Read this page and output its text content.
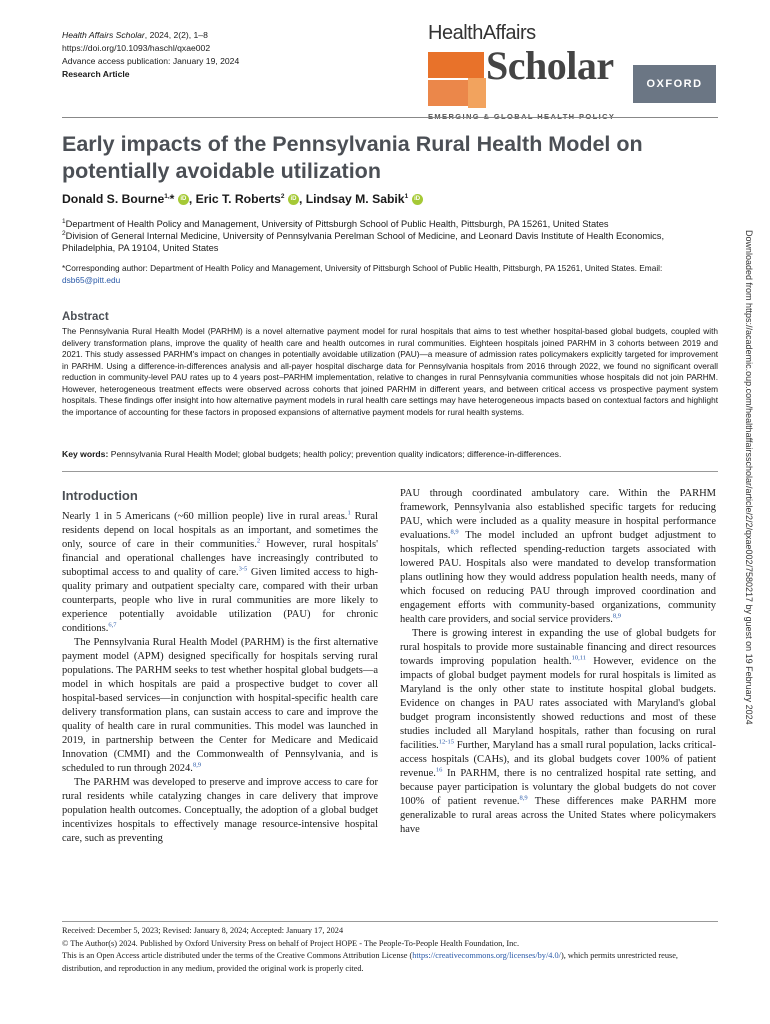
Health Affairs Scholar, 2024, 2(2), 1–8
https://doi.org/10.1093/haschl/qxae002
Advance access publication: January 19, 2024
Research Article
HealthAffairs
Scholar	OXFORD
Early impacts of the Pennsylvania Rural Health Model on potentially avoidable utilization
Donald S. Bourne$^{1,}$* iD , Eric T. Roberts$^2$ iD , Lindsay M. Sabik$^1$ iD
$^1$Department of Health Policy and Management, University of Pittsburgh School of Public Health, Pittsburgh, PA 15261, United States
$^2$Division of General Internal Medicine, University of Pennsylvania Perelman School of Medicine, and Leonard Davis Institute of Health Economics, Philadelphia, PA 19104, United States
*Corresponding author: Department of Health Policy and Management, University of Pittsburgh School of Public Health, Pittsburgh, PA 15261, United States. Email: dsb65@pitt.edu
Abstract

The Pennsylvania Rural Health Model (PARHM) is a novel alternative payment model for rural hospitals that aims to test whether hospital-based global budgets, coupled with delivery transformation plans, improve the quality of health care and health outcomes in rural communities. Eighteen hospitals joined PARHM in 3 cohorts between 2019 and 2021. This study assessed PARHM's impact on changes in potentially avoidable utilization (PAU)—a measure of admission rates policymakers explicitly targeted for improvement in PARHM. Using a difference-in-differences analysis and all-payer hospital discharge data for Pennsylvania hospitals from 2016 through 2022, we found no significant overall reduction in community-level PAU rates up to 4 years post–PARHM implementation, relative to changes in rural Pennsylvania communities whose hospitals did not join PARHM. However, heterogeneous treatment effects were observed across cohorts that joined PARHM in different years, and between critical access vs prospective payment system hospitals. These findings offer insight into how alternative payment models in rural health care settings may have heterogeneous impacts based on contextual factors and highlight the importance of accounting for these factors in proposed expansions of alternative payment models for rural health systems.

Key words: Pennsylvania Rural Health Model; global budgets; health policy; prevention quality indicators; difference-in-differences.
Introduction

Nearly 1 in 5 Americans (~60 million people) live in rural areas.$^1$ Rural residents depend on local hospitals as an important, and sometimes the only, source of care in their communities.$^2$ However, rural hospitals' financial and operational challenges have increasingly contributed to suboptimal access to and quality of care.$^{3-5}$ Given limited access to high-quality primary and outpatient specialty care, compared with their urban counterparts, people who live in rural communities are more likely to experience potentially avoidable utilization (PAU) for chronic conditions.$^{6,7}$

The Pennsylvania Rural Health Model (PARHM) is the first alternative payment model (APM) designed specifically for hospitals serving rural populations. The PARHM seeks to test whether hospital global budgets—a model in which hospitals are paid a prospective budget to cover all hospital-based services—in conjunction with hospital-specific health care delivery transformation plans, can sustain access to care and improve the quality of health care in rural communities. This model was launched in 2019, in partnership between the Center for Medicare and Medicaid Innovation (CMMI) and the Commonwealth of Pennsylvania, and is scheduled to run through 2024.$^{8,9}$

The PARHM was developed to preserve and improve access to care for rural residents while catalyzing changes in care delivery that improve population health outcomes. Conceptually, the adoption of a global budget incentivizes hospitals to effectively manage resource-intensive hospital care, such as preventing

PAU through coordinated ambulatory care. Within the PARHM framework, Pennsylvania also established specific targets for reducing PAU, which were included as a quality measure in hospital performance evaluations.$^{8,9}$ The model included an upfront budget adjustment to hospitals, which reflected spending-reduction targets associated with lowered PAU. Hospitals also were mandated to develop transformation plans outlining how they would address population health needs, many of which focused on reducing PAU through improved coordination and engagement efforts with community-based organizations, community health care providers, and social service providers.$^{8,9}$

There is growing interest in expanding the use of global budgets for rural hospitals to provide more sustainable financing and direct resources towards improving population health.$^{10,11}$ However, evidence on the impacts of global budget payment models for rural hospitals is limited as Maryland is the only other state to institute hospital global budgets. Evidence on changes in PAU rates associated with Maryland's global budget program inconsistently showed reductions and most of these studies included all Maryland hospitals, rather than focusing on rural facilities.$^{12-15}$ Further, Maryland has a small rural population, lacks critical-access hospitals (CAHs), and its global budgets cover 100% of patient revenue.$^{16}$ In PARHM, there is no centralized hospital rate setting, and because payer participation is voluntary the global budgets do not cover 100% of patient revenue.$^{8,9}$ These differences make PARHM more generalizable to rural areas across the United States where policymakers have

Received: December 5, 2023; Revised: January 8, 2024; Accepted: January 17, 2024
© The Author(s) 2024. Published by Oxford University Press on behalf of Project HOPE - The People-To-People Health Foundation, Inc.
This is an Open Access article distributed under the terms of the Creative Commons Attribution License (https://creativecommons.org/licenses/by/4.0/), which permits unrestricted reuse, distribution, and reproduction in any medium, provided the original work is properly cited.
Downloaded from https://academic.oup.com/healthaffairsscholar/article/2/2/qxae002/7580217 by guest on 19 February 2024
